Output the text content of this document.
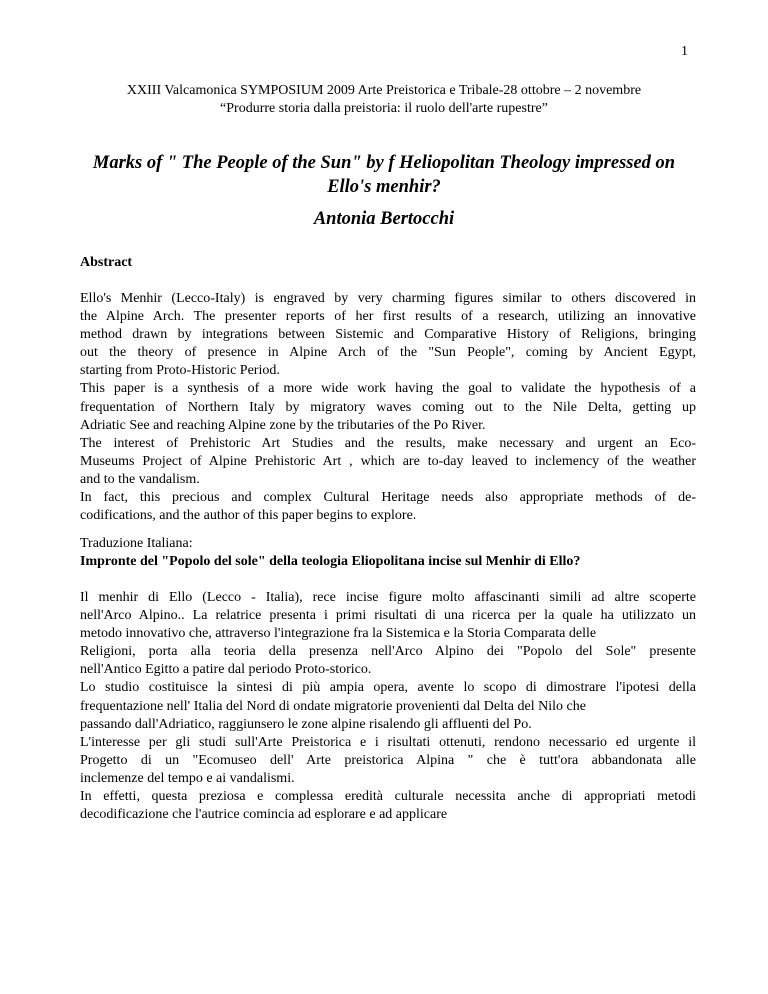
1
XXIII Valcamonica SYMPOSIUM 2009 Arte Preistorica e Tribale-28 ottobre – 2 novembre
“Produrre storia dalla preistoria: il ruolo dell'arte rupestre”
Marks of " The People of the Sun" by f Heliopolitan Theology impressed on
Ello's menhir?
Antonia Bertocchi
Abstract
Ello's Menhir (Lecco-Italy) is engraved by very charming figures similar to others discovered in
the Alpine Arch. The presenter reports of her first results of a research, utilizing an innovative
method drawn by integrations between Sistemic and Comparative History of Religions, bringing
out the theory of presence in Alpine Arch of the "Sun People", coming by Ancient Egypt,
starting from Proto-Historic Period.
This paper is a synthesis of a more wide work having the goal to validate the hypothesis of a
frequentation of Northern Italy by migratory waves coming out to the Nile Delta, getting up
Adriatic See and reaching Alpine zone by the tributaries of the Po River.
The interest of Prehistoric Art Studies and the results, make necessary and urgent an Eco-
Museums Project of Alpine Prehistoric Art , which are to-day leaved to inclemency of the weather
and to the vandalism.
In fact, this precious and complex Cultural Heritage needs also appropriate methods of de-
codifications, and the author of this paper begins to explore.
Traduzione Italiana:
Impronte del "Popolo del sole" della teologia Eliopolitana incise sul Menhir di Ello?
Il menhir di Ello (Lecco - Italia), rece incise figure molto affascinanti simili ad altre scoperte
nell'Arco Alpino.. La relatrice presenta i primi risultati di una ricerca per la quale ha utilizzato un
metodo innovativo che, attraverso l'integrazione fra la Sistemica e la Storia Comparata delle
Religioni, porta alla teoria della presenza nell'Arco Alpino dei "Popolo del Sole" presente
nell'Antico Egitto a patire dal periodo Proto-storico.
Lo studio costituisce la sintesi di più ampia opera, avente lo scopo di dimostrare l'ipotesi della
frequentazione nell' Italia del Nord di ondate migratorie provenienti dal Delta del Nilo che
passando dall'Adriatico, raggiunsero le zone alpine risalendo gli affluenti del Po.
L'interesse per gli studi sull'Arte Preistorica e i risultati ottenuti, rendono necessario ed urgente il
Progetto di un "Ecomuseo dell' Arte preistorica Alpina " che è tutt'ora abbandonata alle
inclemenze del tempo e ai vandalismi.
In effetti, questa preziosa e complessa eredità culturale necessita anche di appropriati metodi
decodificazione che l'autrice comincia ad esplorare e ad applicare
